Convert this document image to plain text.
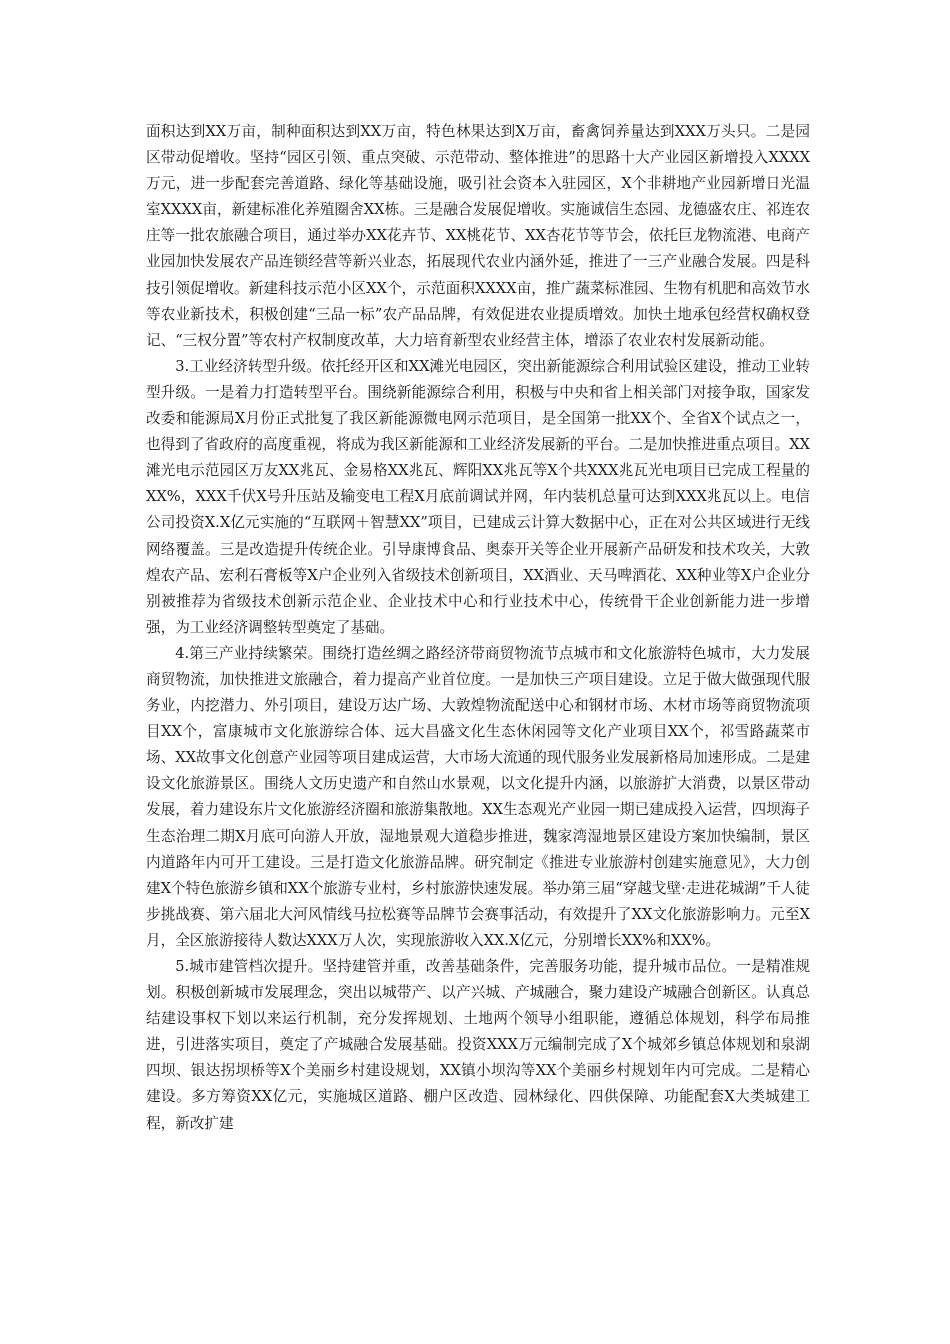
面积达到XX万亩，制种面积达到XX万亩，特色林果达到X万亩，畜禽饲养量达到XXX万头只。二是园区带动促增收。坚持“园区引领、重点突破、示范带动、整体推进”的思路十大产业园区新增投入XXXX万元，进一步配套完善道路、绿化等基础设施，吸引社会资本入驻园区，X个非耕地产业园新增日光温室XXXX亩，新建标准化养殖圈舍XX栋。三是融合发展促增收。实施诚信生态园、龙德盛农庄、祁连农庄等一批农旅融合项目，通过举办XX花卉节、XX桃花节、XX杏花节等节会，依托巨龙物流港、电商产业园加快发展农产品连锁经营等新兴业态，拓展现代农业内涵外延，推进了一三产业融合发展。四是科技引领促增收。新建科技示范小区XX个，示范面积XXXX亩，推广蔬菜标准园、生物有机肥和高效节水等农业新技术，积极创建“三品一标”农产品品牌，有效促进农业提质增效。加快土地承包经营权确权登记、“三权分置”等农村产权制度改革，大力培育新型农业经营主体，增添了农业农村发展新动能。

3.工业经济转型升级。依托经开区和XX滩光电园区，突出新能源综合利用试验区建设，推动工业转型升级。一是着力打造转型平台。围绕新能源综合利用，积极与中央和省上相关部门对接争取，国家发改委和能源局X月份正式批复了我区新能源微电网示范项目，是全国第一批XX个、全省X个试点之一，也得到了省政府的高度重视，将成为我区新能源和工业经济发展新的平台。二是加快推进重点项目。XX滩光电示范园区万友XX兆瓦、金易格XX兆瓦、辉阳XX兆瓦等X个共XXX兆瓦光电项目已完成工程量的XX%，XXX千伏X号升压站及输变电工程X月底前调试并网，年内装机总量可达到XXX兆瓦以上。电信公司投资X.X亿元实施的“互联网＋智慧XX”项目，已建成云计算大数据中心，正在对公共区域进行无线网络覆盖。三是改造提升传统企业。引导康博食品、奥泰开关等企业开展新产品研发和技术攻关，大敦煌农产品、宏利石膏板等X户企业列入省级技术创新项目，XX酒业、天马啤酒花、XX种业等X户企业分别被推荐为省级技术创新示范企业、企业技术中心和行业技术中心，传统骨干企业创新能力进一步增强，为工业经济调整转型奠定了基础。

4.第三产业持续繁荣。围绕打造丝绸之路经济带商贸物流节点城市和文化旅游特色城市，大力发展商贸物流，加快推进文旅融合，着力提高产业首位度。一是加快三产项目建设。立足于做大做强现代服务业，内挖潜力、外引项目，建设万达广场、大敦煌物流配送中心和钢材市场、木材市场等商贸物流项目XX个，富康城市文化旅游综合体、远大昌盛文化生态休闲园等文化产业项目XX个，祁雪路蔬菜市场、XX故事文化创意产业园等项目建成运营，大市场大流通的现代服务业发展新格局加速形成。二是建设文化旅游景区。围绕人文历史遗产和自然山水景观，以文化提升内涵，以旅游扩大消费，以景区带动发展，着力建设东片文化旅游经济圈和旅游集散地。XX生态观光产业园一期已建成投入运营，四坝海子生态治理二期X月底可向游人开放，湿地景观大道稳步推进，魏家湾湿地景区建设方案加快编制，景区内道路年内可开工建设。三是打造文化旅游品牌。研究制定《推进专业旅游村创建实施意见》，大力创建X个特色旅游乡镇和XX个旅游专业村，乡村旅游快速发展。举办第三届“穿越戈壁·走进花城湖”千人徒步挑战赛、第六届北大河风情线马拉松赛等品牌节会赛事活动，有效提升了XX文化旅游影响力。元至X月，全区旅游接待人数达XXX万人次，实现旅游收入XX.X亿元，分别增长XX%和XX%。

5.城市建管档次提升。坚持建管并重，改善基础条件，完善服务功能，提升城市品位。一是精准规划。积极创新城市发展理念，突出以城带产、以产兴城、产城融合，聚力建设产城融合创新区。认真总结建设事权下划以来运行机制，充分发挥规划、土地两个领导小组职能，遵循总体规划，科学布局推进，引进落实项目，奠定了产城融合发展基础。投资XXX万元编制完成了X个城郊乡镇总体规划和泉湖四坝、银达拐坝桥等X个美丽乡村建设规划，XX镇小坝沟等XX个美丽乡村规划年内可完成。二是精心建设。多方筹资XX亿元，实施城区道路、棚户区改造、园林绿化、四供保障、功能配套X大类城建工程，新改扩建
